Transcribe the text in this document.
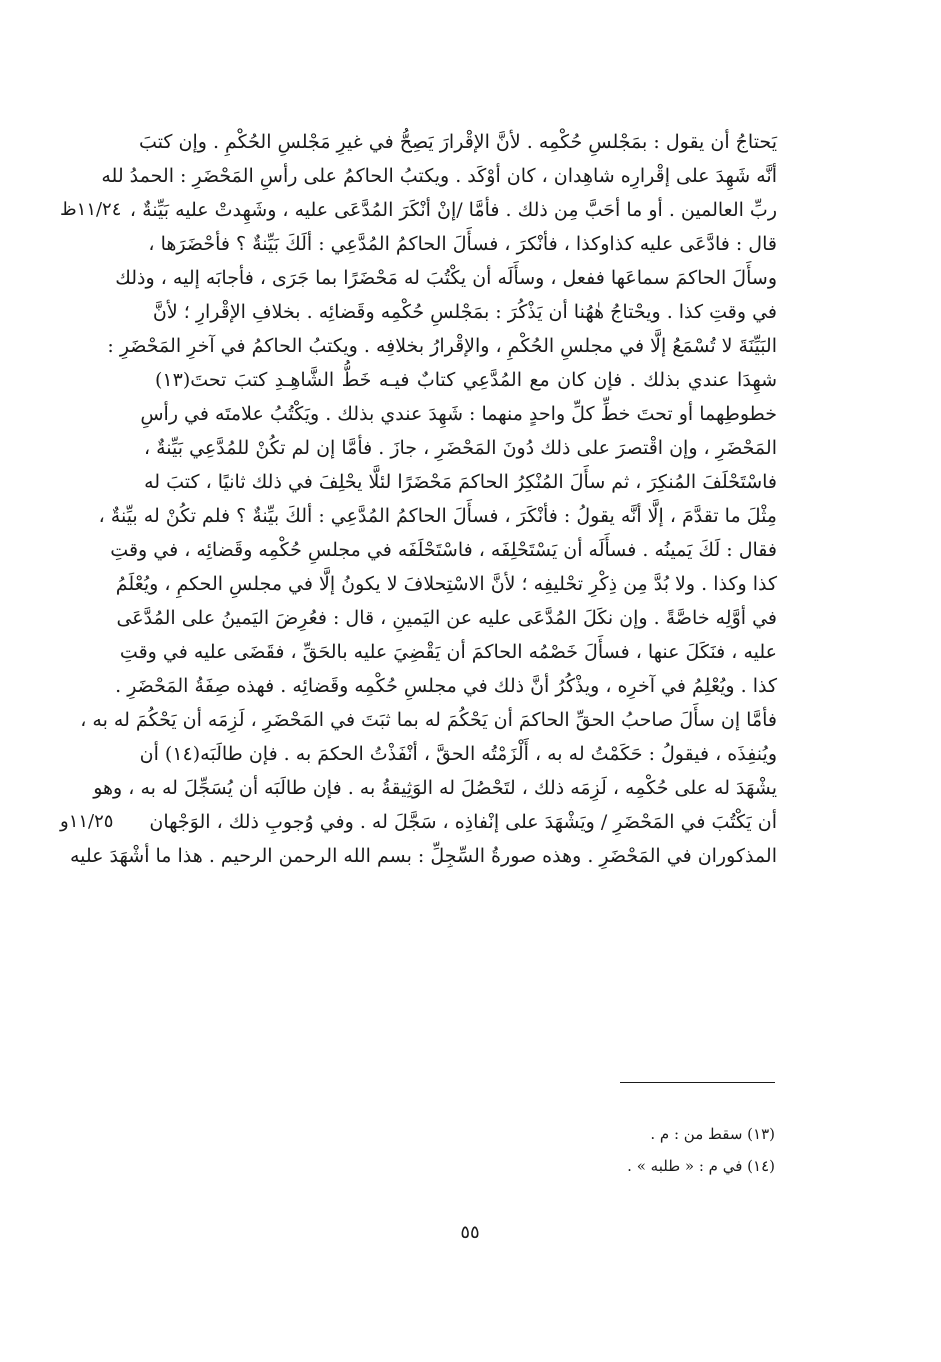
يَحتاجُ أن يقول : بمَجْلسِ حُكْمِه . لأنَّ الإقْرارَ يَصِحُّ في غيرِ مَجْلسِ الحُكْمِ . وإن كتبَ
أنَّه شَهِدَ على إقْرارِه شاهِدان ، كان أوْكَد . ويكتبُ الحاكمُ على رأسِ المَحْضَرِ : الحمدُ لله
ربِّ العالمين . أو ما أحَبَّ مِن ذلك . فأمَّا /إنْ أنْكَرَ المُدَّعَى عليه ، وشَهِدتْ عليه بَيِّنةٌ ،
قال : فادَّعَى عليه كذاوكذا ، فأنْكرَ ، فسأَلَ الحاكمُ المُدَّعِي : ألَكَ بَيِّنةٌ ؟ فأحْضَرَها ،
وسأَلَ الحاكمَ سماعَها ففعل ، وسأَلَه أن يكْتُبَ له مَحْضَرًا بما جَرَى ، فأجابَه إليه ، وذلك
في وقتِ كذا . ويحْتاجُ هٰهُنا أن يَذْكُرَ : بمَجْلسِ حُكْمِه وقَضائِه . بخلافِ الإقْرارِ ؛ لأنَّ
البَيِّنَةَ لا تُسْمَعُ إلَّا في مجلسِ الحُكْمِ ، والإقْرارُ بخلافِه . ويكتبُ الحاكمُ في آخرِ المَحْضَرِ :
شهِدَا عندي بذلك . فإن كان مع المُدَّعِي كتابٌ فيـه خَطُّ الشَّاهِـدِ كتبَ تحتَ(١٣)
خطوطِهما أو تحتَ خطِّ كلِّ واحدٍ منهما : شَهِدَ عندي بذلك . ويَكْتُبُ علامتَه في رأسِ
المَحْضَرِ ، وإن اقْتصرَ على ذلك دُونَ المَحْضَرِ ، جازَ . فأمَّا إن لم تكُنْ للمُدَّعِي بَيِّنةٌ ،
فاسْتَحْلَفَ المُنكِرَ ، ثم سأَلَ المُنْكِرُ الحاكمَ مَحْضَرًا لئلَّا يحْلِفَ في ذلك ثانيًا ، كتبَ له
مِثْلَ ما تقدَّمَ ، إلَّا أنَّه يقولُ : فأنْكَرَ ، فسأَلَ الحاكمُ المُدَّعِي : ألكَ بيِّنةٌ ؟ فلم تكُنْ له بيِّنةٌ ،
فقال : لَكَ يَمينُه . فسأَلَه أن يَسْتَحْلِفَه ، فاسْتَحْلَفَه في مجلسِ حُكْمِه وقَضائِه ، في وقتِ
كذا وكذا . ولا بُدَّ مِن ذِكْرِ تحْليفِه ؛ لأنَّ الاسْتِحلافَ لا يكونُ إلَّا في مجلسِ الحكمِ ، ويُعْلَمُ
في أوَّلِه خاصَّةً . وإن نكَلَ المُدَّعَى عليه عن اليَمينِ ، قال : فعُرِضَ اليَمينُ على المُدَّعَى
عليه ، فنَكَلَ عنها ، فسأَلَ خَصْمُه الحاكمَ أن يَقْضِيَ عليه بالحَقِّ ، فقَضَى عليه في وقتِ
كذا . ويُعْلِمُ في آخرِه ، ويذْكُرُ أنَّ ذلك في مجلسِ حُكْمِه وقَضائِه . فهذه صِفَةُ المَحْضَرِ .
فأمَّا إن سأَلَ صاحبُ الحقِّ الحاكمَ أن يَحْكُمَ له بما ثبَتَ في المَحْضَرِ ، لَزِمَه أن يَحْكُمَ له به ،
ويُنفِذَه ، فيقولُ : حَكَمْتُ له به ، أَلْزَمْتُه الحقَّ ، أنْفَذْتُ الحكمَ به . فإن طالَبَه(١٤) أن
يشْهَدَ له على حُكْمِه ، لَزِمَه ذلك ، لتَحْصُلَ له الوَثِيقةُ به . فإن طالَبَه أن يُسَجِّلَ له به ، وهو
أن يَكْتُبَ في المَحْضَرِ / ويَشْهَدَ على إنْفاذِه ، سَجَّلَ له . وفي وُجوبِ ذلك ، الوَجْهان
المذكوران في المَحْضَرِ . وهذه صورةُ السِّجِلِّ : بسم الله الرحمن الرحيم . هذا ما أشْهَدَ عليه
١١/٢٤ظ
١١/٢٥و
(١٣) سقط من : م .
(١٤) في م : « طلبه » .
٥٥
